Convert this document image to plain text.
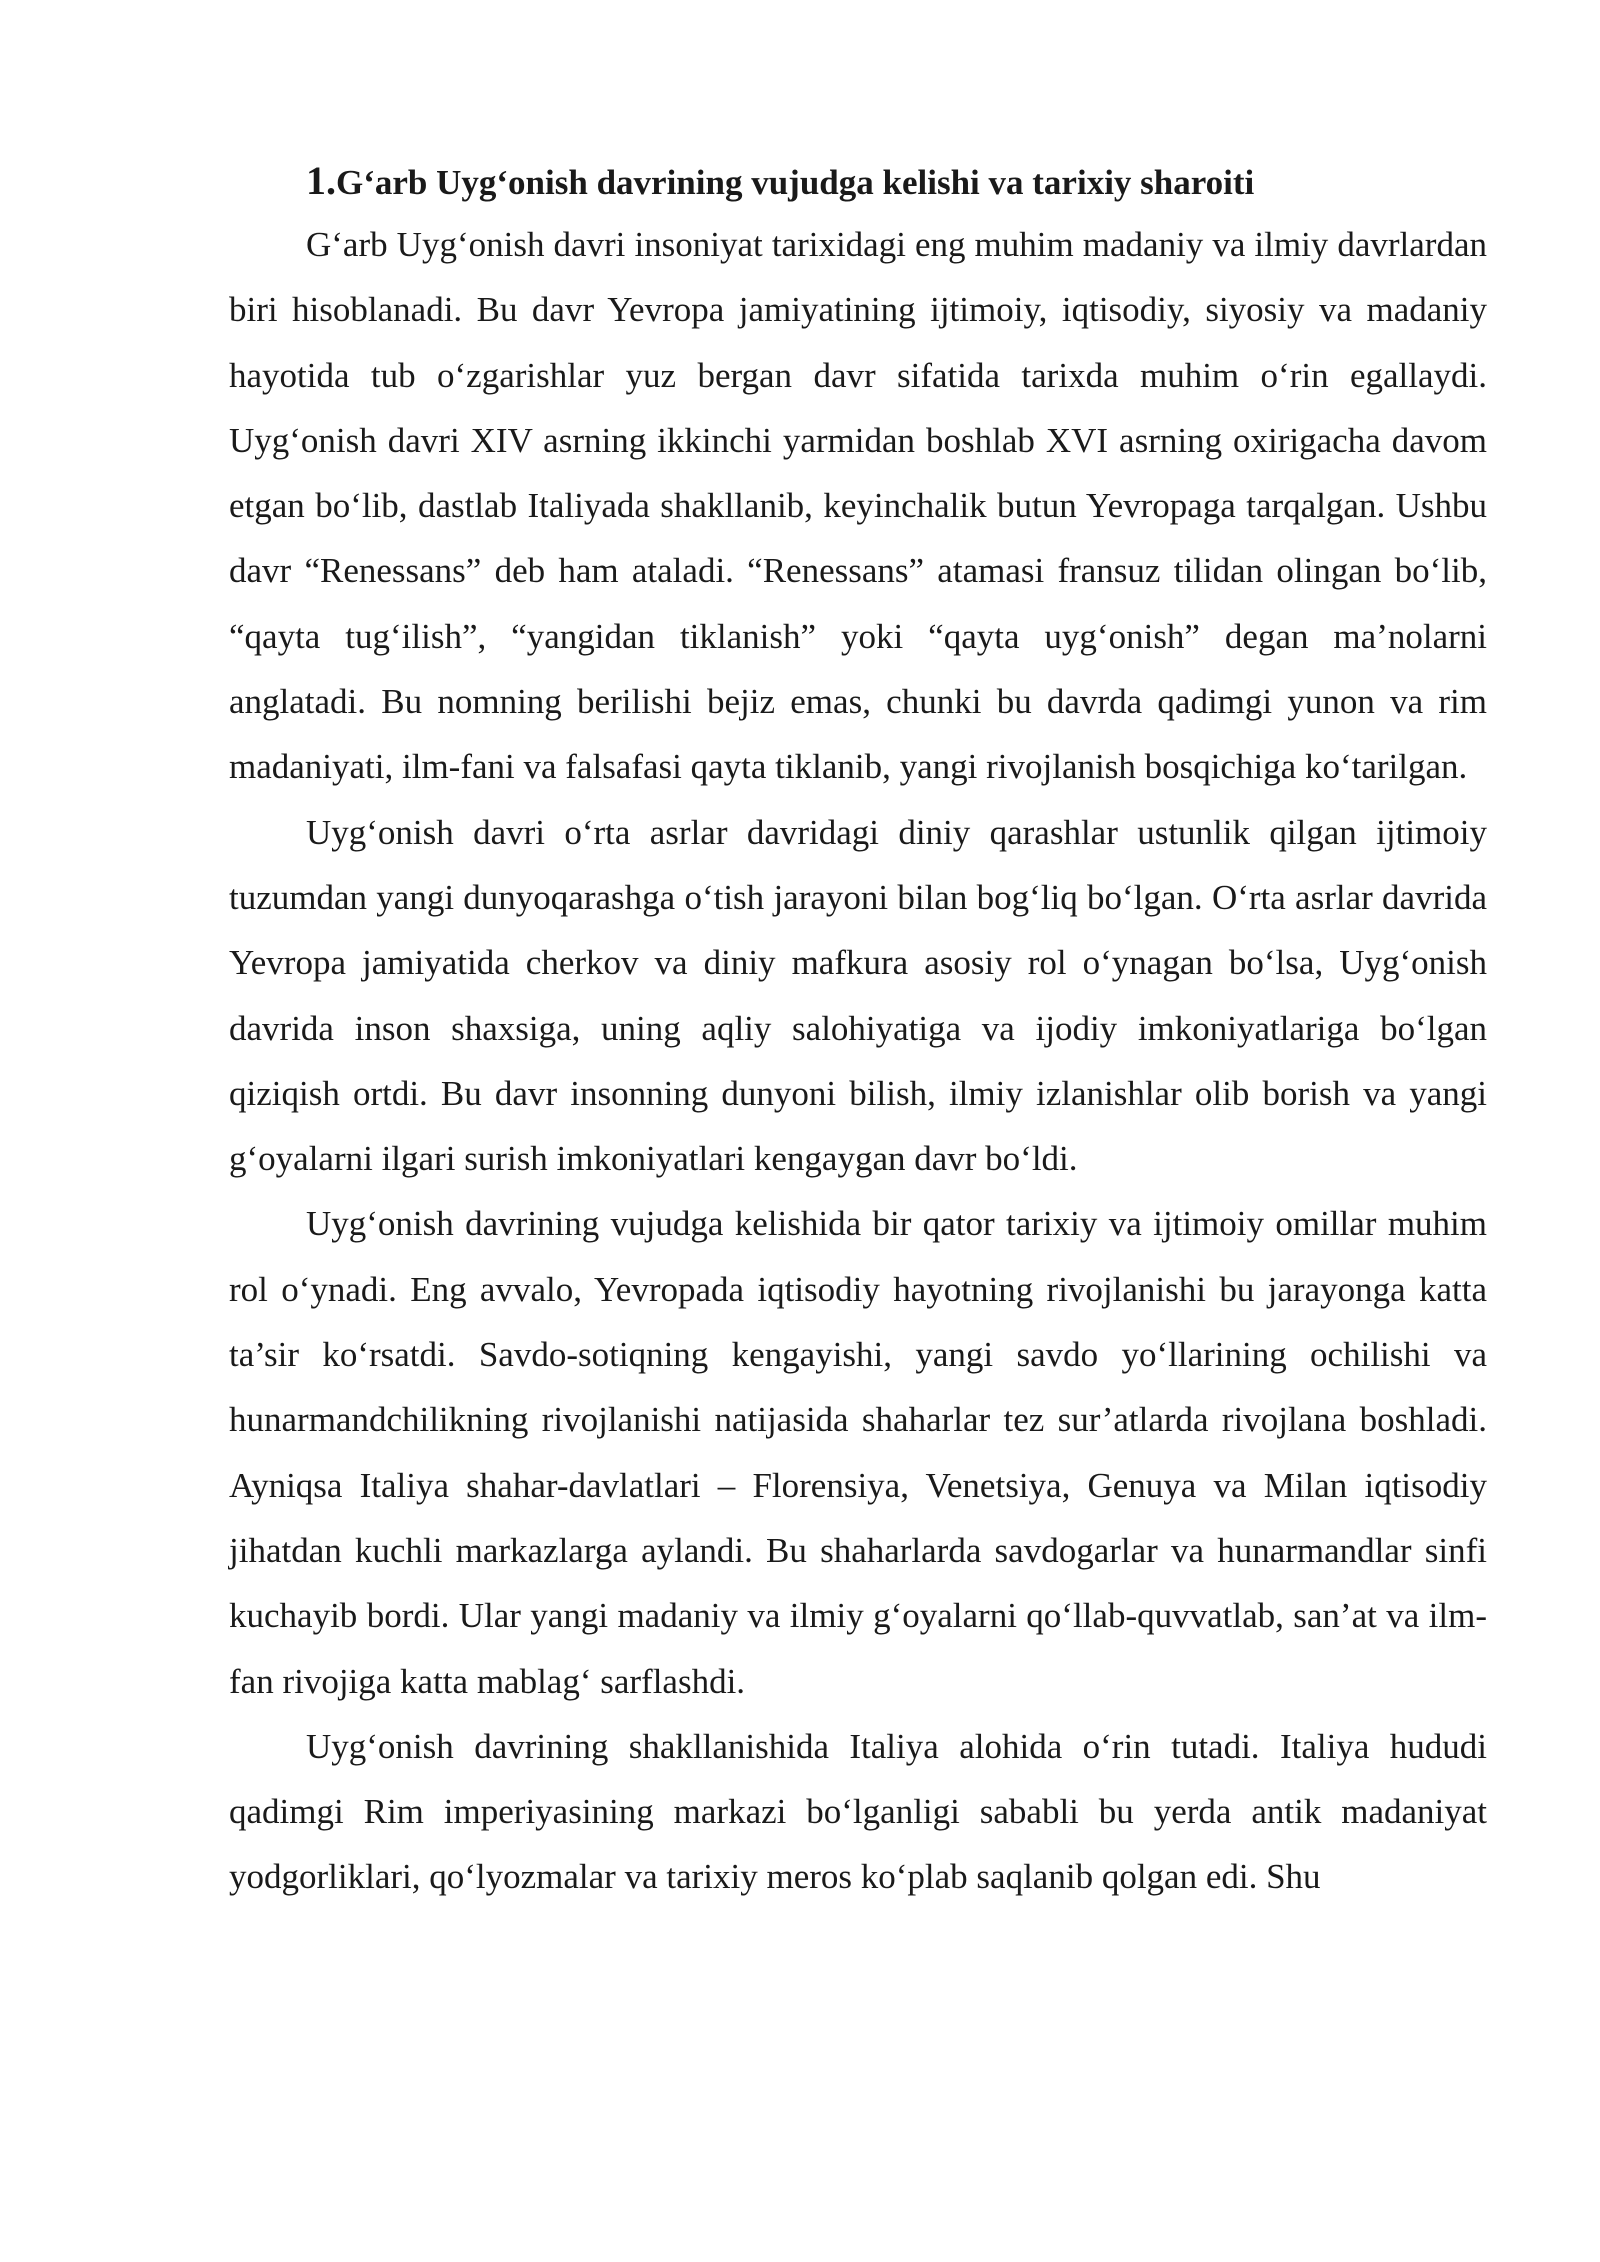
1.G‘arb Uyg‘onish davrining vujudga kelishi va tarixiy sharoiti

G‘arb Uyg‘onish davri insoniyat tarixidagi eng muhim madaniy va ilmiy davrlardan biri hisoblanadi. Bu davr Yevropa jamiyatining ijtimoiy, iqtisodiy, siyosiy va madaniy hayotida tub o‘zgarishlar yuz bergan davr sifatida tarixda muhim o‘rin egallaydi. Uyg‘onish davri XIV asrning ikkinchi yarmidan boshlab XVI asrning oxirigacha davom etgan bo‘lib, dastlab Italiyada shakllanib, keyinchalik butun Yevropaga tarqalgan. Ushbu davr “Renessans” deb ham ataladi. “Renessans” atamasi fransuz tilidan olingan bo‘lib, “qayta tug‘ilish”, “yangidan tiklanish” yoki “qayta uyg‘onish” degan ma’nolarni anglatadi. Bu nomning berilishi bejiz emas, chunki bu davrda qadimgi yunon va rim madaniyati, ilm-fani va falsafasi qayta tiklanib, yangi rivojlanish bosqichiga ko‘tarilgan.

Uyg‘onish davri o‘rta asrlar davridagi diniy qarashlar ustunlik qilgan ijtimoiy tuzumdan yangi dunyoqarashga o‘tish jarayoni bilan bog‘liq bo‘lgan. O‘rta asrlar davrida Yevropa jamiyatida cherkov va diniy mafkura asosiy rol o‘ynagan bo‘lsa, Uyg‘onish davrida inson shaxsiga, uning aqliy salohiyatiga va ijodiy imkoniyatlariga bo‘lgan qiziqish ortdi. Bu davr insonning dunyoni bilish, ilmiy izlanishlar olib borish va yangi g‘oyalarni ilgari surish imkoniyatlari kengaygan davr bo‘ldi.

Uyg‘onish davrining vujudga kelishida bir qator tarixiy va ijtimoiy omillar muhim rol o‘ynadi. Eng avvalo, Yevropada iqtisodiy hayotning rivojlanishi bu jarayonga katta ta’sir ko‘rsatdi. Savdo-sotiqning kengayishi, yangi savdo yo‘llarining ochilishi va hunarmandchilikning rivojlanishi natijasida shaharlar tez sur’atlarda rivojlana boshladi. Ayniqsa Italiya shahar-davlatlari – Florensiya, Venetsiya, Genuya va Milan iqtisodiy jihatdan kuchli markazlarga aylandi. Bu shaharlarda savdogarlar va hunarmandlar sinfi kuchayib bordi. Ular yangi madaniy va ilmiy g‘oyalarni qo‘llab-quvvatlab, san’at va ilm-fan rivojiga katta mablag‘ sarflashdi.

Uyg‘onish davrining shakllanishida Italiya alohida o‘rin tutadi. Italiya hududi qadimgi Rim imperiyasining markazi bo‘lganligi sababli bu yerda antik madaniyat yodgorliklari, qo‘lyozmalar va tarixiy meros ko‘plab saqlanib qolgan edi. Shu
